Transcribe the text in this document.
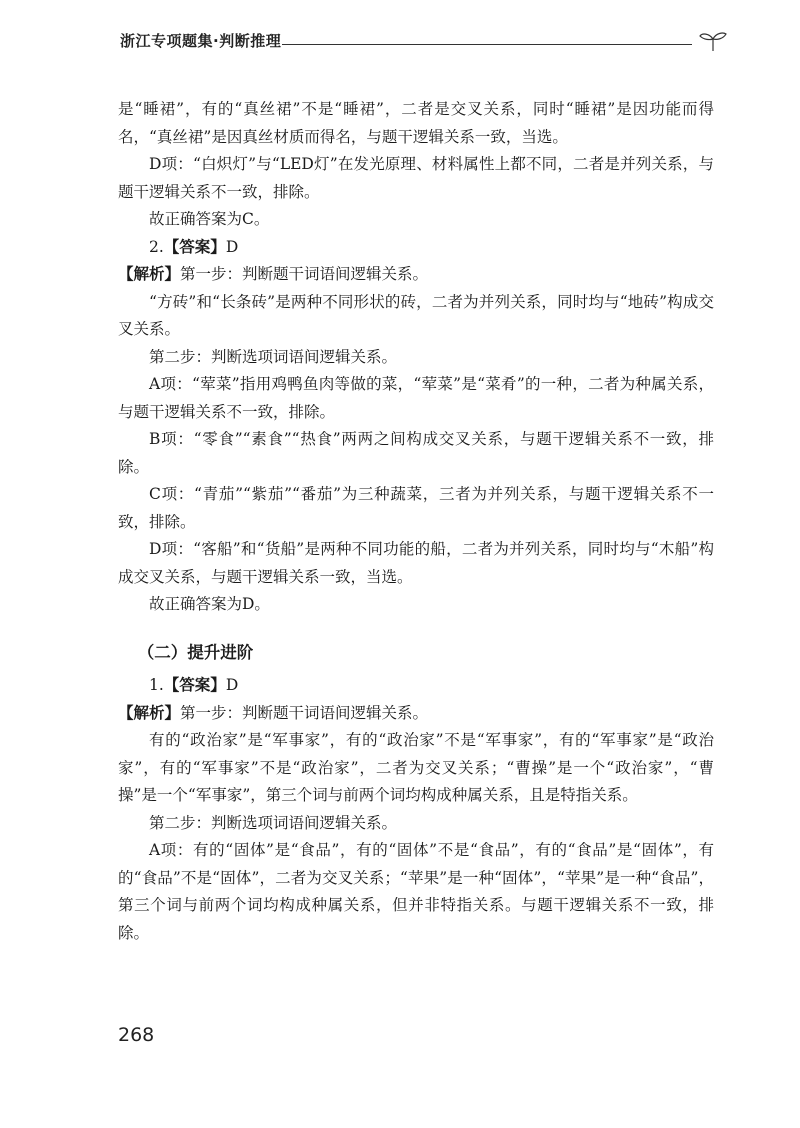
浙江专项题集·判断推理

是“睡裙”，有的“真丝裙”不是“睡裙”，二者是交叉关系，同时“睡裙”是因功能而得名，“真丝裙”是因真丝材质而得名，与题干逻辑关系一致，当选。

D项：“白炽灯”与“LED灯”在发光原理、材料属性上都不同，二者是并列关系，与题干逻辑关系不一致，排除。

故正确答案为C。

2.【答案】D

【解析】第一步：判断题干词语间逻辑关系。

“方砖”和“长条砖”是两种不同形状的砖，二者为并列关系，同时均与“地砖”构成交叉关系。

第二步：判断选项词语间逻辑关系。

A项：“荤菜”指用鸡鸭鱼肉等做的菜，“荤菜”是“菜肴”的一种，二者为种属关系，与题干逻辑关系不一致，排除。

B项：“零食”“素食”“热食”两两之间构成交叉关系，与题干逻辑关系不一致，排除。

C项：“青茄”“紫茄”“番茄”为三种蔬菜，三者为并列关系，与题干逻辑关系不一致，排除。

D项：“客船”和“货船”是两种不同功能的船，二者为并列关系，同时均与“木船”构成交叉关系，与题干逻辑关系一致，当选。

故正确答案为D。

（二）提升进阶

1.【答案】D

【解析】第一步：判断题干词语间逻辑关系。

有的“政治家”是“军事家”，有的“政治家”不是“军事家”，有的“军事家”是“政治家”，有的“军事家”不是“政治家”，二者为交叉关系；“曹操”是一个“政治家”，“曹操”是一个“军事家”，第三个词与前两个词均构成种属关系，且是特指关系。

第二步：判断选项词语间逻辑关系。

A项：有的“固体”是“食品”，有的“固体”不是“食品”，有的“食品”是“固体”，有的“食品”不是“固体”，二者为交叉关系；“苹果”是一种“固体”，“苹果”是一种“食品”，第三个词与前两个词均构成种属关系，但并非特指关系。与题干逻辑关系不一致，排除。

268
